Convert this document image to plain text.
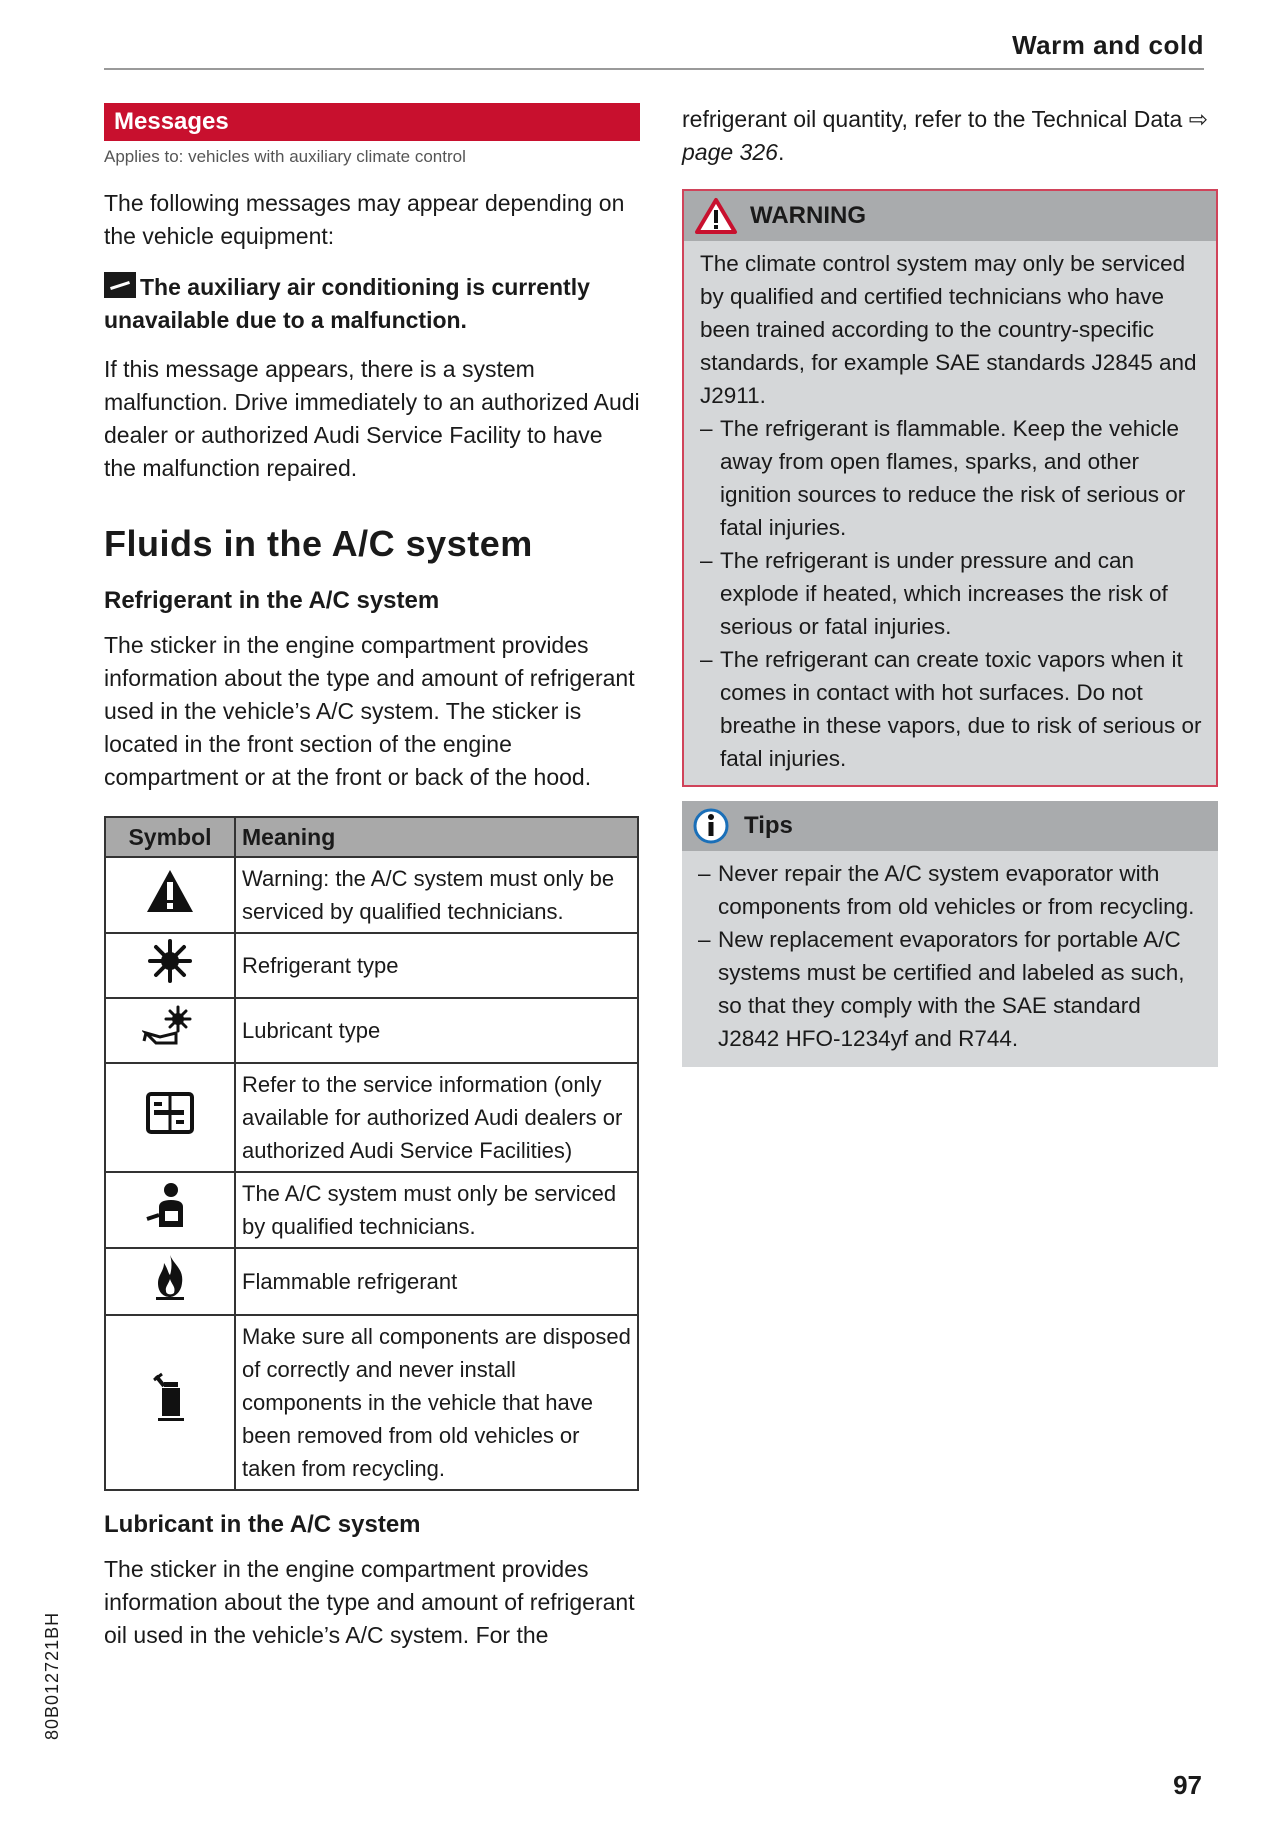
Warm and cold
Messages
Applies to: vehicles with auxiliary climate control

The following messages may appear depending on the vehicle equipment:

The auxiliary air conditioning is currently unavailable due to a malfunction.

If this message appears, there is a system malfunction. Drive immediately to an authorized Audi dealer or authorized Audi Service Facility to have the malfunction repaired.

Fluids in the A/C system
Refrigerant in the A/C system

The sticker in the engine compartment provides information about the type and amount of refrigerant used in the vehicle’s A/C system. The sticker is located in the front section of the engine compartment or at the front or back of the hood.

Symbol	Meaning
	Warning: the A/C system must only be serviced by qualified technicians.
	Refrigerant type
	Lubricant type
	Refer to the service information (only available for authorized Audi dealers or authorized Audi Service Facilities)
	The A/C system must only be serviced by qualified technicians.
	Flammable refrigerant
	Make sure all components are disposed of correctly and never install components in the vehicle that have been removed from old vehicles or taken from recycling.
Lubricant in the A/C system

The sticker in the engine compartment provides information about the type and amount of refrigerant oil used in the vehicle’s A/C system. For the

refrigerant oil quantity, refer to the Technical Data ⇨ page 326.

WARNING

The climate control system may only be serviced by qualified and certified technicians who have been trained according to the country-specific standards, for example SAE standards J2845 and J2911.

– The refrigerant is flammable. Keep the vehicle away from open flames, sparks, and other ignition sources to reduce the risk of serious or fatal injuries.
– The refrigerant is under pressure and can explode if heated, which increases the risk of serious or fatal injuries.
– The refrigerant can create toxic vapors when it comes in contact with hot surfaces. Do not breathe in these vapors, due to risk of serious or fatal injuries.
Tips
– Never repair the A/C system evaporator with components from old vehicles or from recycling.
– New replacement evaporators for portable A/C systems must be certified and labeled as such, so that they comply with the SAE standard J2842 HFO-1234yf and R744.
80B012721BH
97
